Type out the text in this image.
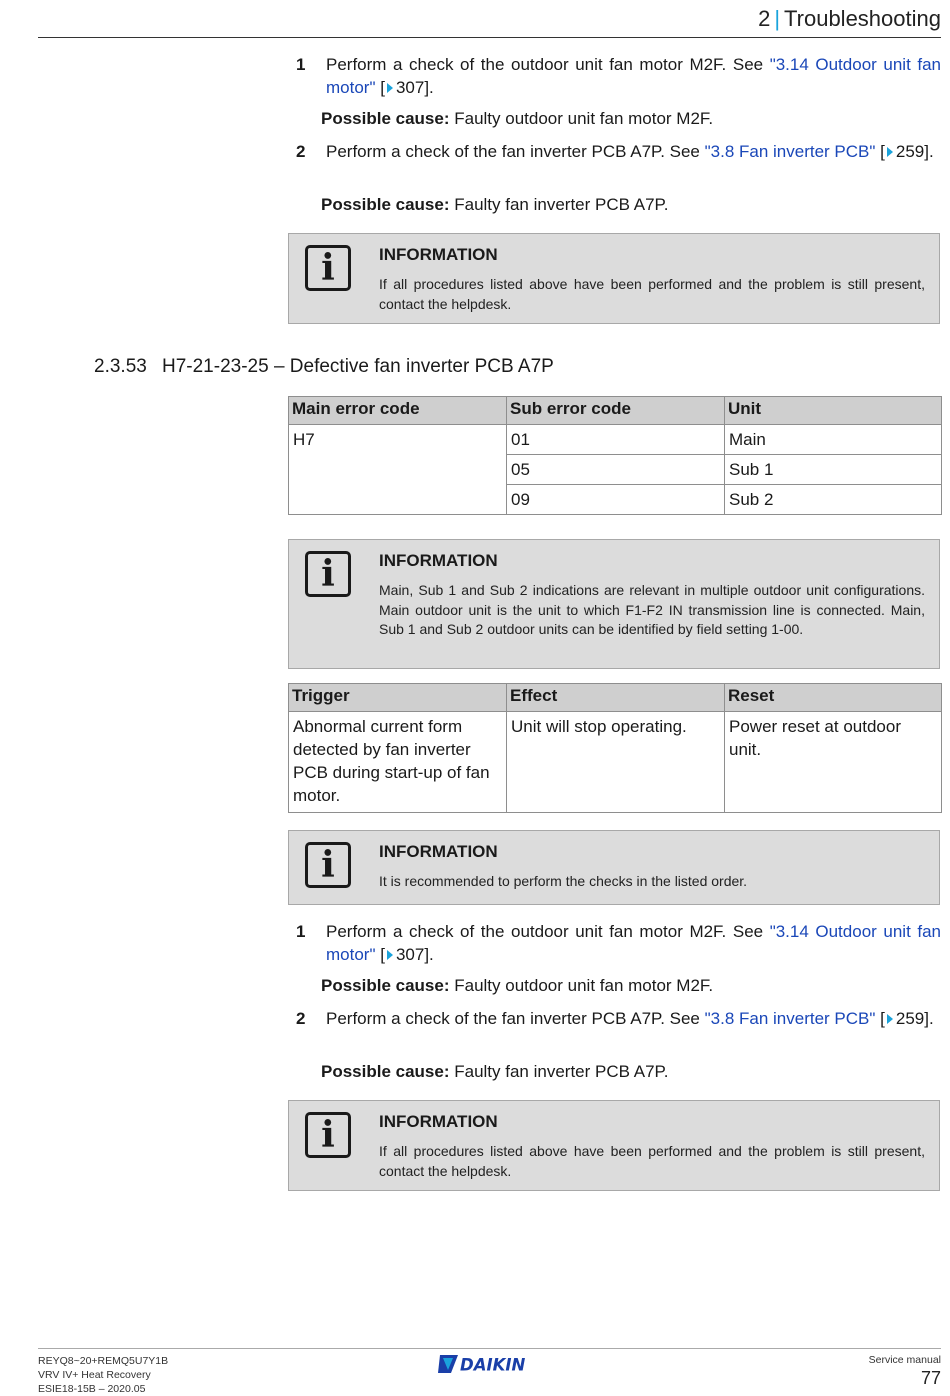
2 | Troubleshooting
1 Perform a check of the outdoor unit fan motor M2F. See "3.14 Outdoor unit fan motor" [ 307].
Possible cause: Faulty outdoor unit fan motor M2F.
2 Perform a check of the fan inverter PCB A7P. See "3.8 Fan inverter PCB" [ 259].
Possible cause: Faulty fan inverter PCB A7P.
i	INFORMATION
If all procedures listed above have been performed and the problem is still present, contact the helpdesk.
2.3.53 H7-21-23-25 – Defective fan inverter PCB A7P
Main error code	Sub error code	Unit
H7	01	Main
	05	Sub 1
	09	Sub 2
i	INFORMATION
Main, Sub 1 and Sub 2 indications are relevant in multiple outdoor unit configurations. Main outdoor unit is the unit to which F1-F2 IN transmission line is connected. Main, Sub 1 and Sub 2 outdoor units can be identified by field setting 1-00.
Trigger	Effect	Reset
Abnormal current form detected by fan inverter PCB during start-up of fan motor.	Unit will stop operating.	Power reset at outdoor unit.
i	INFORMATION
It is recommended to perform the checks in the listed order.
1 Perform a check of the outdoor unit fan motor M2F. See "3.14 Outdoor unit fan motor" [ 307].
Possible cause: Faulty outdoor unit fan motor M2F.
2 Perform a check of the fan inverter PCB A7P. See "3.8 Fan inverter PCB" [ 259].
Possible cause: Faulty fan inverter PCB A7P.
i	INFORMATION
If all procedures listed above have been performed and the problem is still present, contact the helpdesk.
REYQ8~20+REMQ5U7Y1B
VRV IV+ Heat Recovery
ESIE18-15B – 2020.05
DAIKIN	Service manual
77
